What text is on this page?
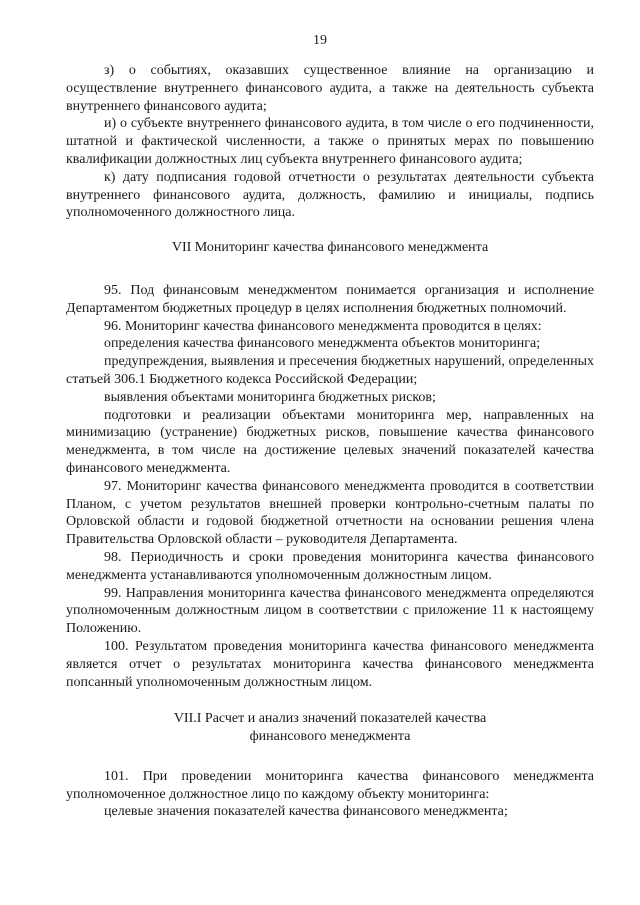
19

з) о событиях, оказавших существенное влияние на организацию и осуществление внутреннего финансового аудита, а также на деятельность субъекта внутреннего финансового аудита;

и) о субъекте внутреннего финансового аудита, в том числе о его подчиненности, штатной и фактической численности, а также о принятых мерах по повышению квалификации должностных лиц субъекта внутреннего финансового аудита;

к) дату подписания годовой отчетности о результатах деятельности субъекта внутреннего финансового аудита, должность, фамилию и инициалы, подпись уполномоченного должностного лица.

VII Мониторинг качества финансового менеджмента

95. Под финансовым менеджментом понимается организация и исполнение Департаментом бюджетных процедур в целях исполнения бюджетных полномочий.

96. Мониторинг качества финансового менеджмента проводится в целях:

определения качества финансового менеджмента объектов мониторинга;

предупреждения, выявления и пресечения бюджетных нарушений, определенных статьей 306.1 Бюджетного кодекса Российской Федерации;

выявления объектами мониторинга бюджетных рисков;

подготовки и реализации объектами мониторинга мер, направленных на минимизацию (устранение) бюджетных рисков, повышение качества финансового менеджмента, в том числе на достижение целевых значений показателей качества финансового менеджмента.

97. Мониторинг качества финансового менеджмента проводится в соответствии Планом, с учетом результатов внешней проверки контрольно-счетным палаты по Орловской области и годовой бюджетной отчетности на основании решения члена Правительства Орловской области – руководителя Департамента.

98. Периодичность и сроки проведения мониторинга качества финансового менеджмента устанавливаются уполномоченным должностным лицом.

99. Направления мониторинга качества финансового менеджмента определяются уполномоченным должностным лицом в соответствии с приложение 11 к настоящему Положению.

100. Результатом проведения мониторинга качества финансового менеджмента является отчет о результатах мониторинга качества финансового менеджмента попсанный уполномоченным должностным лицом.

VII.I Расчет и анализ значений показателей качества
финансового менеджмента

101. При проведении мониторинга качества финансового менеджмента уполномоченное должностное лицо по каждому объекту мониторинга:

целевые значения показателей качества финансового менеджмента;
